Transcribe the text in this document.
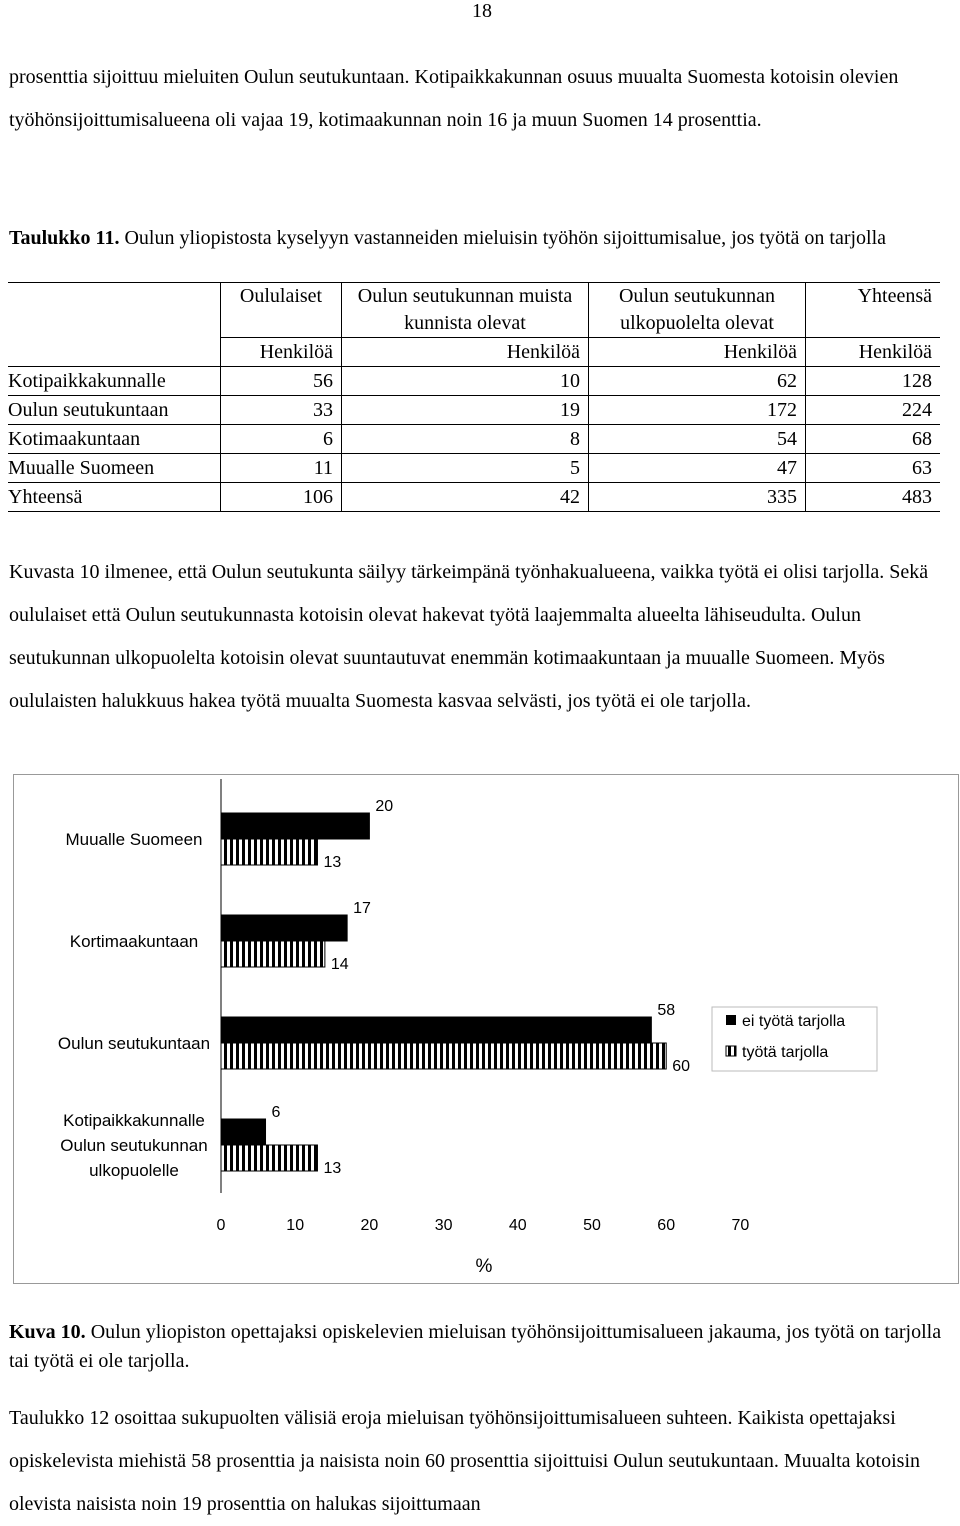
18

prosenttia sijoittuu mieluiten Oulun seutukuntaan. Kotipaikkakunnan osuus muualta Suomesta kotoisin olevien työhönsijoittumisalueena oli vajaa 19, kotimaakunnan noin 16 ja muun Suomen 14 prosenttia.

Taulukko 11. Oulun yliopistosta kyselyyn vastanneiden mieluisin työhön sijoittumisalue, jos työtä on tarjolla

	Oululaiset	Oulun seutukunnan muista kunnista olevat	Oulun seutukunnan ulkopuolelta olevat	Yhteensä
	Henkilöä	Henkilöä	Henkilöä	Henkilöä
Kotipaikkakunnalle	56	10	62	128
Oulun seutukuntaan	33	19	172	224
Kotimaakuntaan	6	8	54	68
Muualle Suomeen	11	5	47	63
Yhteensä	106	42	335	483

Kuvasta 10 ilmenee, että Oulun seutukunta säilyy tärkeimpänä työnhakualueena, vaikka työtä ei olisi tarjolla. Sekä oululaiset että Oulun seutukunnasta kotoisin olevat hakevat työtä laajemmalta alueelta lähiseudulta. Oulun seutukunnan ulkopuolelta kotoisin olevat suuntautuvat enemmän kotimaakuntaan ja muualle Suomeen. Myös oululaisten halukkuus hakea työtä muualta Suomesta kasvaa selvästi, jos työtä ei ole tarjolla.

20
13
17
14
58
60
6
13
Muualle Suomeen
Kortimaakuntaan
Oulun seutukuntaan
Kotipaikkakunnalle
Oulun seutukunnan
ulkopuolelle
0	10	20	30	40	50	60	70
%
ei työtä tarjolla
työtä tarjolla

Kuva 10. Oulun yliopiston opettajaksi opiskelevien mieluisan työhönsijoittumisalueen jakauma, jos työtä on tarjolla tai työtä ei ole tarjolla.

Taulukko 12 osoittaa sukupuolten välisiä eroja mieluisan työhönsijoittumisalueen suhteen. Kaikista opettajaksi opiskelevista miehistä 58 prosenttia ja naisista noin 60 prosenttia sijoittuisi Oulun seutukuntaan. Muualta kotoisin olevista naisista noin 19 prosenttia on halukas sijoittumaan
